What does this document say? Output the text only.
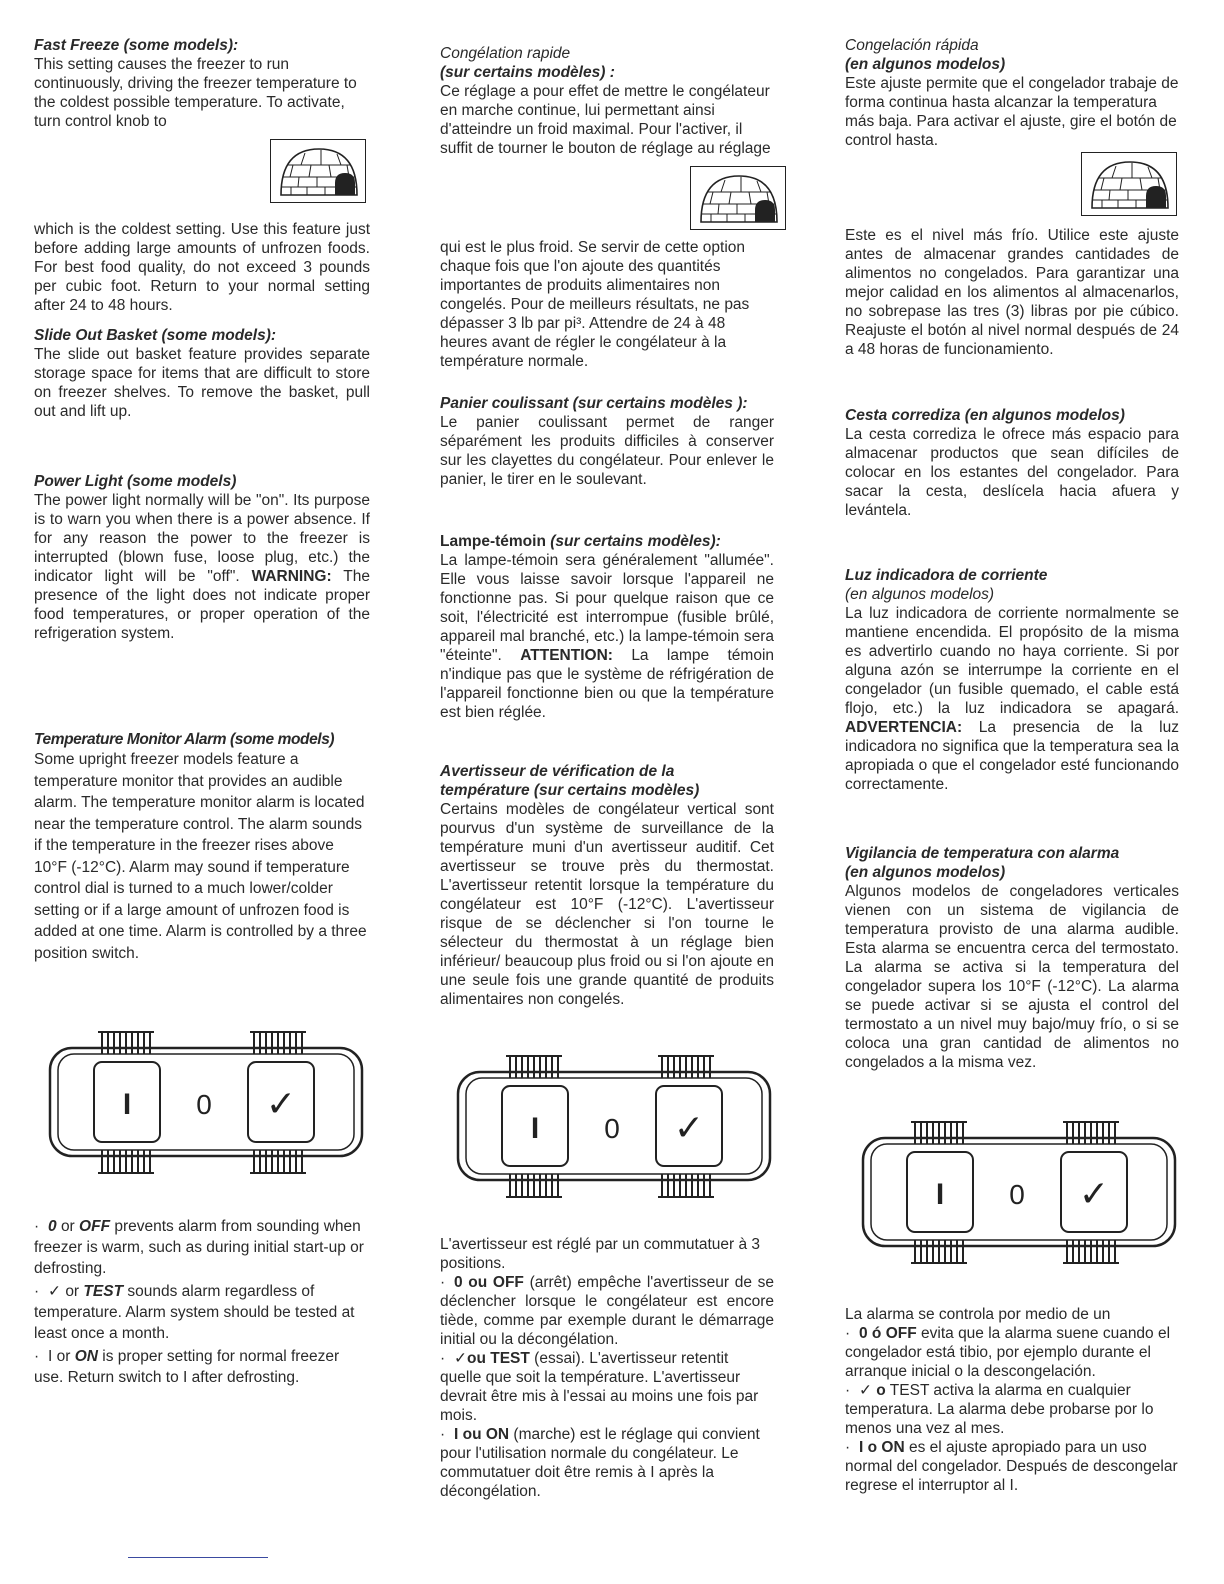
Fast Freeze (some models):

This setting causes the freezer to run continuously, driving the freezer temperature to the coldest possible temperature. To activate, turn control knob to

which is the coldest setting. Use this feature just before adding large amounts of unfrozen foods. For best food quality, do not exceed 3 pounds per cubic foot. Return to your normal setting after 24 to 48 hours.

Slide Out Basket (some models):

The slide out basket feature provides separate storage space for items that are difficult to store on freezer shelves. To remove the basket, pull out and lift up.

Power Light (some models)

The power light normally will be "on". Its purpose is to warn you when there is a power absence. If for any reason the power to the freezer is interrupted (blown fuse, loose plug, etc.) the indicator light will be "off". WARNING: The presence of the light does not indicate proper food temperatures, or proper operation of the refrigeration system.

Temperature Monitor Alarm (some models)

Some upright freezer models feature a temperature monitor that provides an audible alarm. The temperature monitor alarm is located near the temperature control. The alarm sounds if the temperature in the freezer rises above 10°F (-12°C). Alarm may sound if temperature control dial is turned to a much lower/colder setting or if a large amount of unfrozen food is added at one time. Alarm is controlled by a three position switch.

I 0 ✓

· 0 or OFF prevents alarm from sounding when freezer is warm, such as during initial start-up or defrosting.

· ✓ or TEST sounds alarm regardless of temperature. Alarm system should be tested at least once a month.

· I or ON is proper setting for normal freezer use. Return switch to I after defrosting.

Congélation rapide
(sur certains modèles) :

Ce réglage a pour effet de mettre le congélateur en marche continue, lui permettant ainsi d'atteindre un froid maximal. Pour l'activer, il suffit de tourner le bouton de réglage au réglage

qui est le plus froid. Se servir de cette option chaque fois que l'on ajoute des quantités importantes de produits alimentaires non congelés. Pour de meilleurs résultats, ne pas dépasser 3 lb par pi³. Attendre de 24 à 48 heures avant de régler le congélateur à la température normale.

Panier coulissant (sur certains modèles ):

Le panier coulissant permet de ranger séparément les produits difficiles à conserver sur les clayettes du congélateur. Pour enlever le panier, le tirer en le soulevant.

Lampe-témoin (sur certains modèles):

La lampe-témoin sera généralement "allumée". Elle vous laisse savoir lorsque l'appareil ne fonctionne pas. Si pour quelque raison que ce soit, l'électricité est interrompue (fusible brûlé, appareil mal branché, etc.) la lampe-témoin sera "éteinte". ATTENTION: La lampe témoin n'indique pas que le système de réfrigération de l'appareil fonctionne bien ou que la température est bien réglée.

Avertisseur de vérification de la
température (sur certains modèles)

Certains modèles de congélateur vertical sont pourvus d'un système de surveillance de la température muni d'un avertisseur auditif. Cet avertisseur se trouve près du thermostat. L'avertisseur retentit lorsque la température du congélateur est 10°F (-12°C). L'avertisseur risque de se déclencher si l'on tourne le sélecteur du thermostat à un réglage bien inférieur/ beaucoup plus froid ou si l'on ajoute en une seule fois une grande quantité de produits alimentaires non congelés.

I 0 ✓

L'avertisseur est réglé par un commutatuer à 3 positions.

· 0 ou OFF (arrêt) empêche l'avertisseur de se déclencher lorsque le congélateur est encore tiède, comme par exemple durant le démarrage initial ou la décongélation.

· ✓ou TEST (essai). L'avertisseur retentit quelle que soit la température. L'avertisseur devrait être mis à l'essai au moins une fois par mois.

· I ou ON (marche) est le réglage qui convient pour l'utilisation normale du congélateur. Le commutatuer doit être remis à I après la décongélation.

Congelación rápida
(en algunos modelos)

Este ajuste permite que el congelador trabaje de forma continua hasta alcanzar la temperatura más baja. Para activar el ajuste, gire el botón de control hasta.

Este es el nivel más frío. Utilice este ajuste antes de almacenar grandes cantidades de alimentos no congelados. Para garantizar una mejor calidad en los alimentos al almacenarlos, no sobrepase las tres (3) libras por pie cúbico. Reajuste el botón al nivel normal después de 24 a 48 horas de funcionamiento.

Cesta corrediza (en algunos modelos)

La cesta corrediza le ofrece más espacio para almacenar productos que sean difíciles de colocar en los estantes del congelador. Para sacar la cesta, deslícela hacia afuera y levántela.

Luz indicadora de corriente
(en algunos modelos)

La luz indicadora de corriente normalmente se mantiene encendida. El propósito de la misma es advertirlo cuando no haya corriente. Si por alguna azón se interrumpe la corriente en el congelador (un fusible quemado, el cable está flojo, etc.) la luz indicadora se apagará. ADVERTENCIA: La presencia de la luz indicadora no significa que la temperatura sea la apropiada o que el congelador esté funcionando correctamente.

Vigilancia de temperatura con alarma
(en algunos modelos)

Algunos modelos de congeladores verticales vienen con un sistema de vigilancia de temperatura provisto de una alarma audible. Esta alarma se encuentra cerca del termostato. La alarma se activa si la temperatura del congelador supera los 10°F (-12°C). La alarma se puede activar si se ajusta el control del termostato a un nivel muy bajo/muy frío, o si se coloca una gran cantidad de alimentos no congelados a la misma vez.

I 0 ✓

La alarma se controla por medio de un

· 0 ó OFF evita que la alarma suene cuando el congelador está tibio, por ejemplo durante el arranque inicial o la descongelación.

· ✓ o TEST activa la alarma en cualquier temperatura. La alarma debe probarse por lo menos una vez al mes.

· I o ON es el ajuste apropiado para un uso normal del congelador. Después de descongelar regrese el interruptor al I.
